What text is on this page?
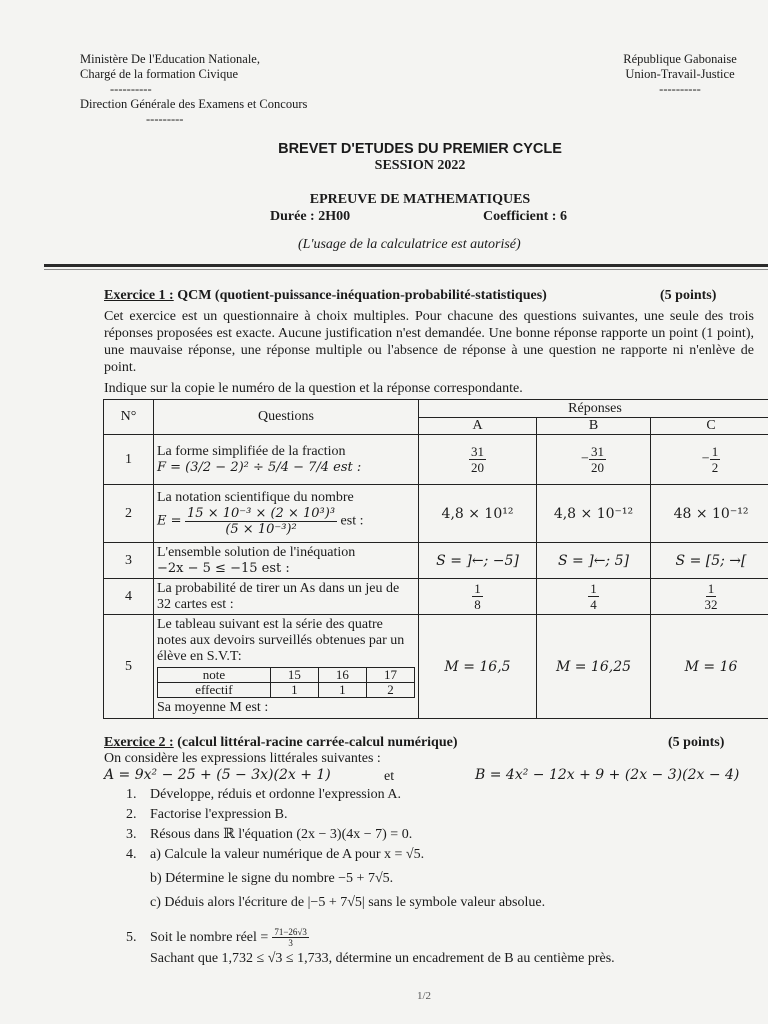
Ministère De l'Education Nationale,
Chargé de la formation Civique
----------
Direction Générale des Examens et Concours
---------
République Gabonaise
Union-Travail-Justice
----------
BREVET D'ETUDES DU PREMIER CYCLE
SESSION 2022
EPREUVE DE MATHEMATIQUES
Durée : 2H00	Coefficient : 6
(L'usage de la calculatrice est autorisé)
Exercice 1 : QCM (quotient-puissance-inéquation-probabilité-statistiques)	(5 points)
Cet exercice est un questionnaire à choix multiples. Pour chacune des questions suivantes, une seule des trois réponses proposées est exacte. Aucune justification n'est demandée. Une bonne réponse rapporte un point (1 point), une mauvaise réponse, une réponse multiple ou l'absence de réponse à une question ne rapporte ni n'enlève de point.
Indique sur la copie le numéro de la question et la réponse correspondante.
N°	Questions	Réponses
A	B	C
1	La forme simplifiée de la fraction
F = (3/2 − 2)² ÷ 5/4 − 7/4 est :	$\frac{31}{20}$	− $\frac{31}{20}$	− $\frac{1}{2}$

2	
La notation scientifique du nombre
$E = \frac{\text{15 × 10⁻³ × (2 × 10³)³}}{\text{(5 × 10⁻³)²}}$ est :	4,8 × 10¹²	4,8 × 10⁻¹²	48 × 10⁻¹²
3	L'ensemble solution de l'inéquation
−2x − 5 ≤ −15 est :	S = ]←; −5]	S = ]←; 5]	S = [5; →[
4	La probabilité de tirer un As dans un jeu de 32 cartes est :	$\frac{1}{8}$	$\frac{1}{4}$	$\frac{1}{32}$

5	
Le tableau suivant est la série des quatre notes aux devoirs surveillés obtenues par un élève en S.V.T:
note	15	16	17
effectif	1	1	2
Sa moyenne M est :
	M = 16,5	M = 16,25	M = 16
Exercice 2 : (calcul littéral-racine carrée-calcul numérique)	(5 points)
On considère les expressions littérales suivantes :
A = 9x² − 25 + (5 − 3x)(2x + 1)	et	B = 4x² − 12x + 9 + (2x − 3)(2x − 4)
1. Développe, réduis et ordonne l'expression A.
2. Factorise l'expression B.
3. Résous dans ℝ l'équation (2x − 3)(4x − 7) = 0.
4. a) Calcule la valeur numérique de A pour x = √5.
b) Détermine le signe du nombre −5 + 7√5.
c) Déduis alors l'écriture de |−5 + 7√5| sans le symbole valeur absolue.
5. Soit le nombre réel = $\frac{71-26√3}{3}$
Sachant que 1,732 ≤ √3 ≤ 1,733, détermine un encadrement de B au centième près.
1/2
